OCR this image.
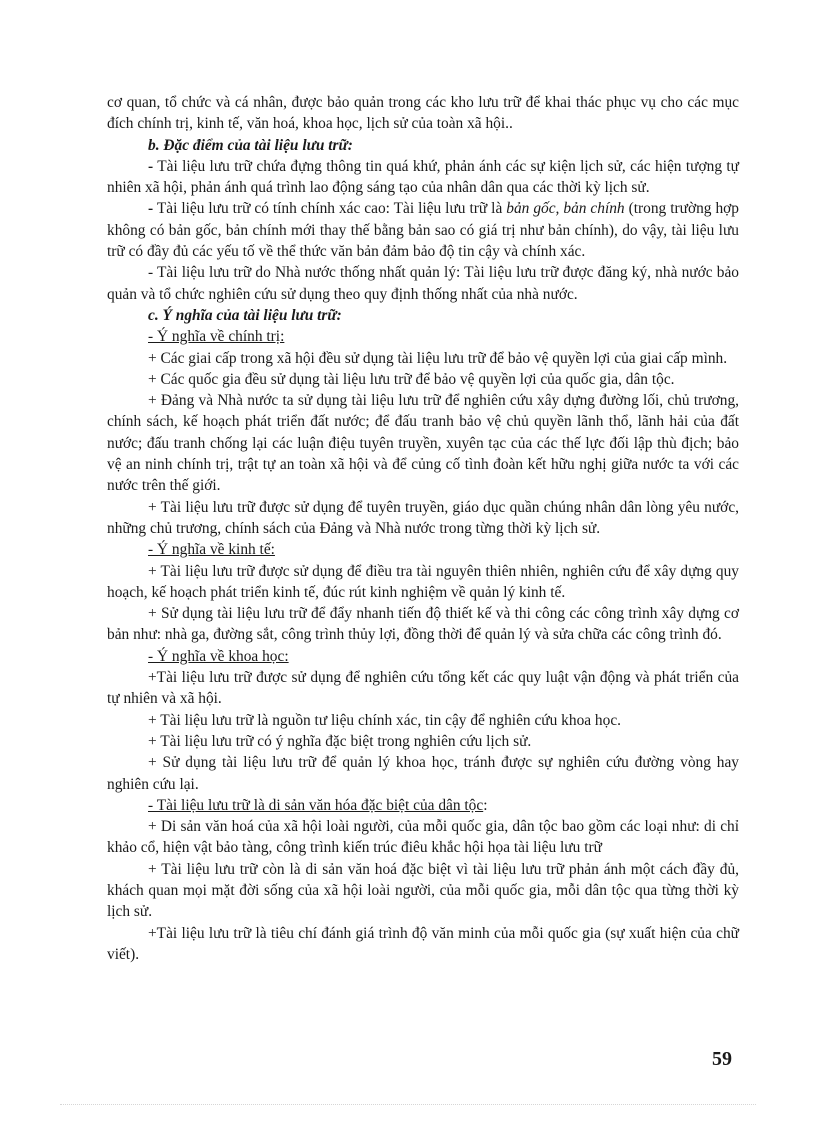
cơ quan, tổ chức và cá nhân, được bảo quản trong các kho lưu trữ để khai thác phục vụ cho các mục đích chính trị, kinh tế, văn hoá, khoa học, lịch sử của toàn xã hội..

b. Đặc điểm của tài liệu lưu trữ:

- Tài liệu lưu trữ chứa đựng thông tin quá khứ, phản ánh các sự kiện lịch sử, các hiện tượng tự nhiên xã hội, phản ánh quá trình lao động sáng tạo của nhân dân qua các thời kỳ lịch sử.

- Tài liệu lưu trữ có tính chính xác cao: Tài liệu lưu trữ là bản gốc, bản chính (trong trường hợp không có bản gốc, bản chính mới thay thế bằng bản sao có giá trị như bản chính), do vậy, tài liệu lưu trữ có đầy đủ các yếu tố về thể thức văn bản đảm bảo độ tin cậy và chính xác.

- Tài liệu lưu trữ do Nhà nước thống nhất quản lý: Tài liệu lưu trữ được đăng ký, nhà nước bảo quản và tổ chức nghiên cứu sử dụng theo quy định thống nhất của nhà nước.

c. Ý nghĩa của tài liệu lưu trữ:

- Ý nghĩa về chính trị:

+ Các giai cấp trong xã hội đều sử dụng tài liệu lưu trữ để bảo vệ quyền lợi của giai cấp mình.

+ Các quốc gia đều sử dụng tài liệu lưu trữ để bảo vệ quyền lợi của quốc gia, dân tộc.

+ Đảng và Nhà nước ta sử dụng tài liệu lưu trữ để nghiên cứu xây dựng đường lối, chủ trương, chính sách, kế hoạch phát triển đất nước; để đấu tranh bảo vệ chủ quyền lãnh thổ, lãnh hải của đất nước; đấu tranh chống lại các luận điệu tuyên truyền, xuyên tạc của các thế lực đối lập thù địch; bảo vệ an ninh chính trị, trật tự an toàn xã hội và để củng cố tình đoàn kết hữu nghị giữa nước ta với các nước trên thế giới.

+ Tài liệu lưu trữ được sử dụng để tuyên truyền, giáo dục quần chúng nhân dân lòng yêu nước, những chủ trương, chính sách của Đảng và Nhà nước trong từng thời kỳ lịch sử.

- Ý nghĩa về kinh tế:

+ Tài liệu lưu trữ được sử dụng để điều tra tài nguyên thiên nhiên, nghiên cứu để xây dựng quy hoạch, kế hoạch phát triển kinh tế, đúc rút kinh nghiệm về quản lý kinh tế.

+ Sử dụng tài liệu lưu trữ để đẩy nhanh tiến độ thiết kế và thi công các công trình xây dựng cơ bản như: nhà ga, đường sắt, công trình thủy lợi, đồng thời để quản lý và sửa chữa các công trình đó.

- Ý nghĩa về khoa học:

+Tài liệu lưu trữ được sử dụng để nghiên cứu tổng kết các quy luật vận động và phát triển của tự nhiên và xã hội.

+ Tài liệu lưu trữ là nguồn tư liệu chính xác, tin cậy để nghiên cứu khoa học.

+ Tài liệu lưu trữ có ý nghĩa đặc biệt trong nghiên cứu lịch sử.

+ Sử dụng tài liệu lưu trữ để quản lý khoa học, tránh được sự nghiên cứu đường vòng hay nghiên cứu lại.

- Tài liệu lưu trữ là di sản văn hóa đặc biệt của dân tộc:

+ Di sản văn hoá của xã hội loài người, của mỗi quốc gia, dân tộc bao gồm các loại như: di chỉ khảo cổ, hiện vật bảo tàng, công trình kiến trúc điêu khắc hội họa tài liệu lưu trữ

+ Tài liệu lưu trữ còn là di sản văn hoá đặc biệt vì tài liệu lưu trữ phản ánh một cách đầy đủ, khách quan mọi mặt đời sống của xã hội loài người, của mỗi quốc gia, mỗi dân tộc qua từng thời kỳ lịch sử.

+Tài liệu lưu trữ là tiêu chí đánh giá trình độ văn minh của mỗi quốc gia (sự xuất hiện của chữ viết).

59
